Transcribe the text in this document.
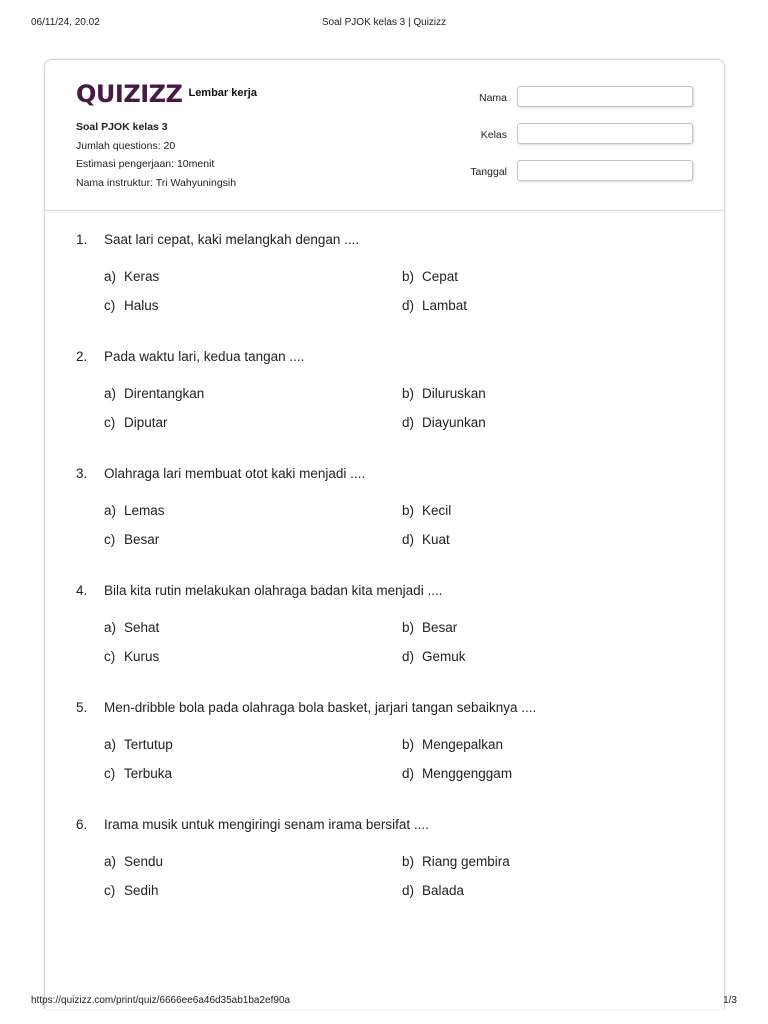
06/11/24, 20.02	Soal PJOK kelas 3 | Quizizz
QUIZIZZ Lembar kerja
Soal PJOK kelas 3
Jumlah questions: 20
Estimasi pengerjaan: 10menit
Nama instruktur: Tri Wahyuningsih
Nama
Kelas
Tanggal
1. Saat lari cepat, kaki melangkah dengan ....
a) Keras	b) Cepat
c) Halus	d) Lambat
2. Pada waktu lari, kedua tangan ....
a) Direntangkan	b) Diluruskan
c) Diputar	d) Diayunkan
3. Olahraga lari membuat otot kaki menjadi ....
a) Lemas	b) Kecil
c) Besar	d) Kuat
4. Bila kita rutin melakukan olahraga badan kita menjadi ....
a) Sehat	b) Besar
c) Kurus	d) Gemuk
5. Men-dribble bola pada olahraga bola basket, jarjari tangan sebaiknya ....
a) Tertutup	b) Mengepalkan
c) Terbuka	d) Menggenggam
6. Irama musik untuk mengiringi senam irama bersifat ....
a) Sendu	b) Riang gembira
c) Sedih	d) Balada
https://quizizz.com/print/quiz/6666ee6a46d35ab1ba2ef90a	1/3
